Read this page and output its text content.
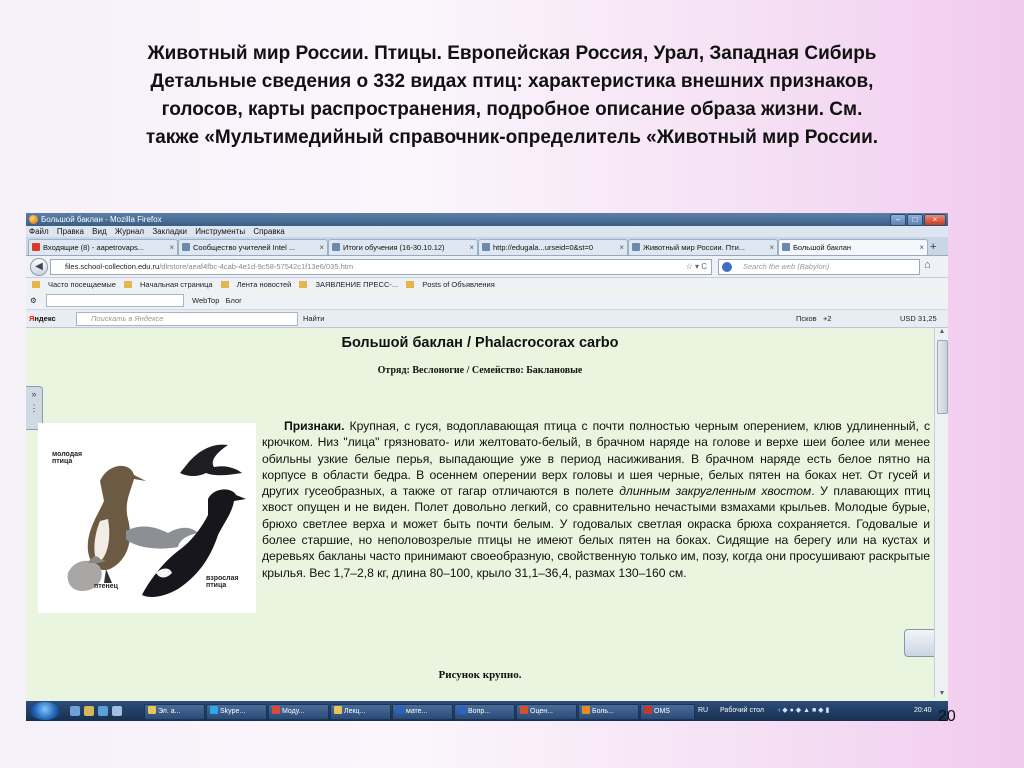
Животный мир России. Птицы. Европейская Россия, Урал, Западная Сибирь
Детальные сведения о 332 видах птиц: характеристика внешних признаков,
голосов, карты распространения, подробное описание образа жизни. См.
также «Мультимедийный справочник-определитель «Животный мир России.
Большой баклан - Mozilla Firefox	–	□	×
Файл Правка Вид Журнал Закладки Инструменты Справка
Входящие (8) - aapetrovaps...	×	Сообщество учителей Intel ...	×	Итоги обучения (16-30.10.12)	×	http://edugala...urseid=0&st=0	×	Животный мир России. Пти...	×	Большой баклан	× +
◀	files.school-collection.edu.ru/dlrstore/aeaf4fbc-4cab-4e1d-9c58-57542c1f13e6/035.htm	☆ ▾ C	Search the web (Babylon)	⌂
Часто посещаемые	Начальная страница	Лента новостей	ЗАЯВЛЕНИЕ ПРЕСС-...	Posts of Объявления
⚙	WebTop Блог
Яндекс	Поискать в Яндексе	Найти	Псков +2	USD 31,25
»
⋮
Большой баклан / Phalacrocorax carbo
Отряд: Веслоногие / Семейство: Баклановые
молодая птица
птенец
взрослая птица
Признаки. Крупная, с гуся, водоплавающая птица с почти полностью черным оперением, клюв удлиненный, с крючком. Низ "лица" грязновато- или желтовато-белый, в брачном наряде на голове и верхе шеи более или менее обильны узкие белые перья, выпадающие уже в период насиживания. В брачном наряде есть белое пятно на корпусе в области бедра. В осеннем оперении верх головы и шея черные, белых пятен на боках нет. От гусей и других гусеобразных, а также от гагар отличаются в полете длинным закругленным хвостом. У плавающих птиц хвост опущен и не виден. Полет довольно легкий, со сравнительно нечастыми взмахами крыльев. Молодые бурые, брюхо светлее верха и может быть почти белым. У годовалых светлая окраска брюха сохраняется. Годовалые и более старшие, но неполовозрелые птицы не имеют белых пятен на боках. Сидящие на берегу или на кустах и деревьях бакланы часто принимают своеобразную, свойственную только им, позу, когда они просушивают раскрытые крылья. Вес 1,7–2,8 кг, длина 80–100, крыло 31,1–36,4, размах 130–160 см.
Рисунок крупно.
▲
▼
Эл. а...	Skype...	Моду...	Лекц...	мате...	Вопр...	Оцен...	Боль...	OMS	RU Рабочий стол ‹ ◆ ● ◆ ▲ ■ ◆ ▮	20:40 20
